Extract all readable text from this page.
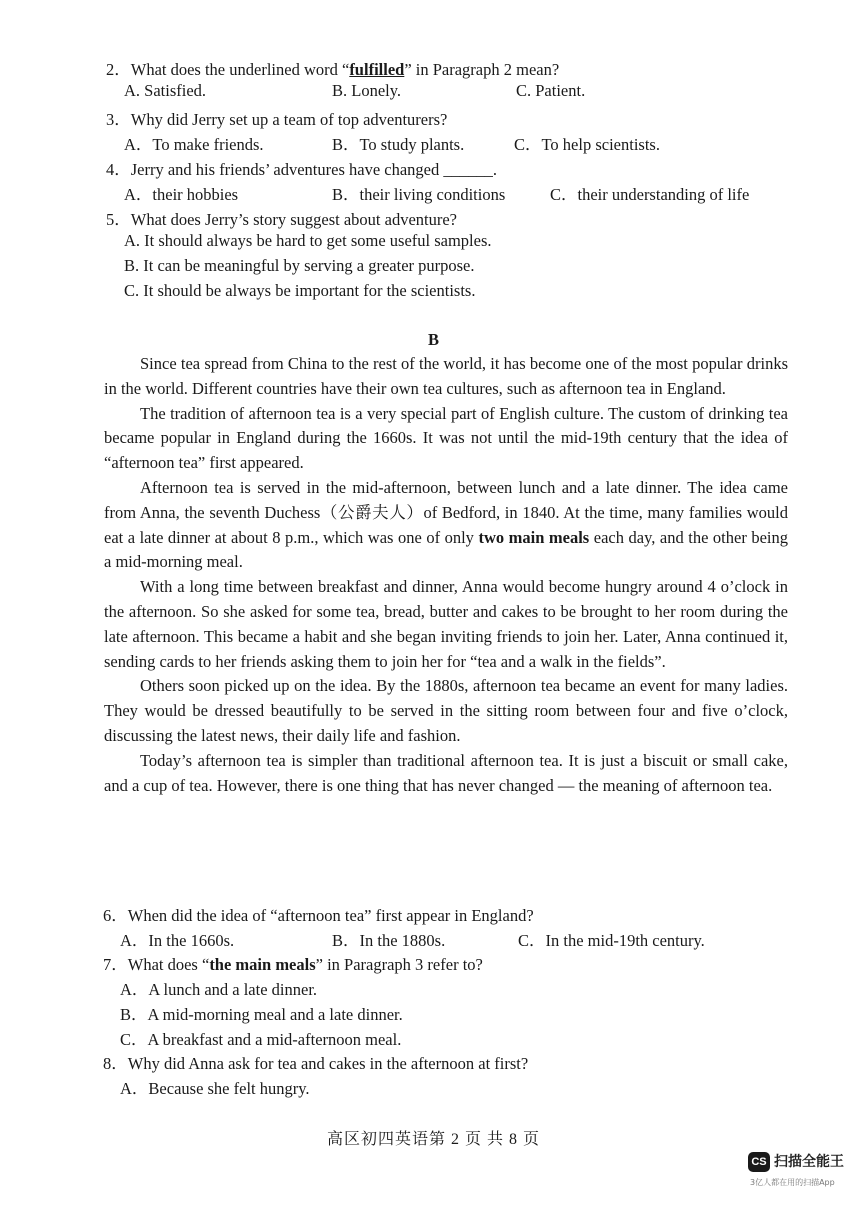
2．What does the underlined word “fulfilled” in Paragraph 2 mean?
A. Satisfied.	B. Lonely.	C. Patient.
3．Why did Jerry set up a team of top adventurers?
A．To make friends.	B．To study plants.	C．To help scientists.
4．Jerry and his friends’ adventures have changed ______.
A．their hobbies	B．their living conditions	C．their understanding of life
5．What does Jerry’s story suggest about adventure?
A. It should always be hard to get some useful samples.
B. It can be meaningful by serving a greater purpose.
C. It should be always be important for the scientists.
B

Since tea spread from China to the rest of the world, it has become one of the most popular drinks in the world. Different countries have their own tea cultures, such as afternoon tea in England.

The tradition of afternoon tea is a very special part of English culture. The custom of drinking tea became popular in England during the 1660s. It was not until the mid-19th century that the idea of “afternoon tea” first appeared.

Afternoon tea is served in the mid-afternoon, between lunch and a late dinner. The idea came from Anna, the seventh Duchess（公爵夫人）of Bedford, in 1840. At the time, many families would eat a late dinner at about 8 p.m., which was one of only two main meals each day, and the other being a mid-morning meal.

With a long time between breakfast and dinner, Anna would become hungry around 4 o’clock in the afternoon. So she asked for some tea, bread, butter and cakes to be brought to her room during the late afternoon. This became a habit and she began inviting friends to join her. Later, Anna continued it, sending cards to her friends asking them to join her for “tea and a walk in the fields”.

Others soon picked up on the idea. By the 1880s, afternoon tea became an event for many ladies. They would be dressed beautifully to be served in the sitting room between four and five o’clock, discussing the latest news, their daily life and fashion.

Today’s afternoon tea is simpler than traditional afternoon tea. It is just a biscuit or small cake, and a cup of tea. However, there is one thing that has never changed — the meaning of afternoon tea.

6．When did the idea of “afternoon tea” first appear in England?
A．In the 1660s.	B．In the 1880s.	C．In the mid-19th century.
7．What does “the main meals” in Paragraph 3 refer to?
A．A lunch and a late dinner.
B．A mid-morning meal and a late dinner.
C．A breakfast and a mid-afternoon meal.
8．Why did Anna ask for tea and cakes in the afternoon at first?
A．Because she felt hungry.
高区初四英语第 2 页 共 8 页
CS 扫描全能王
3亿人都在用的扫描App
